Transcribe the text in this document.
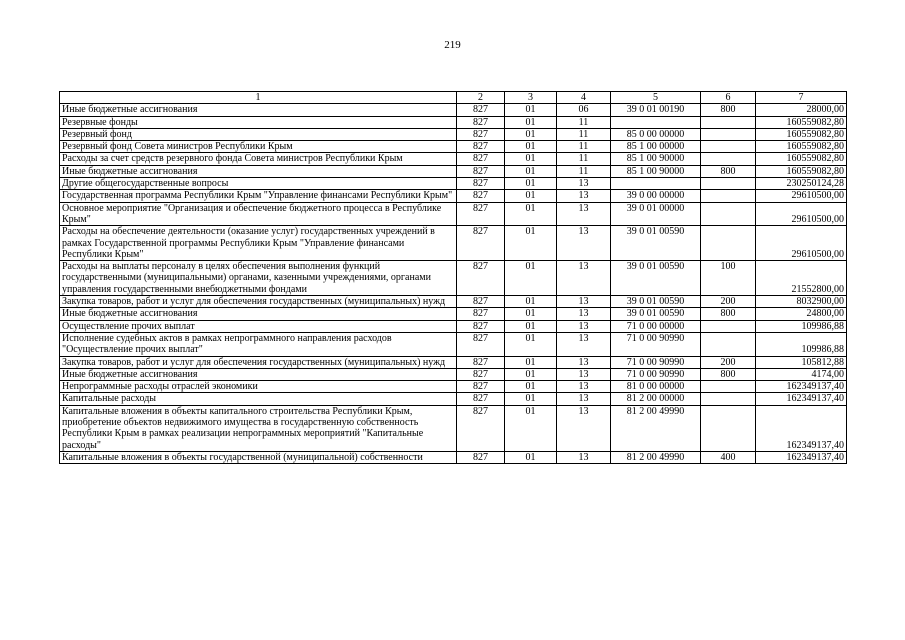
219
1	2	3	4	5	6	7
Иные бюджетные ассигнования	827	01	06	39 0 01 00190	800	28000,00
Резервные фонды	827	01	11			160559082,80
Резервный фонд	827	01	11	85 0 00 00000		160559082,80
Резервный фонд Совета министров Республики Крым	827	01	11	85 1 00 00000		160559082,80
Расходы за счет средств резервного фонда Совета министров Республики Крым	827	01	11	85 1 00 90000		160559082,80
Иные бюджетные ассигнования	827	01	11	85 1 00 90000	800	160559082,80
Другие общегосударственные вопросы	827	01	13			230250124,28
Государственная программа Республики Крым "Управление финансами Республики Крым"	827	01	13	39 0 00 00000		29610500,00
Основное мероприятие "Организация и обеспечение бюджетного процесса в Республике Крым"	827	01	13	39 0 01 00000		29610500,00
Расходы на обеспечение деятельности (оказание услуг) государственных учреждений в рамках Государственной программы Республики Крым "Управление финансами Республики Крым"	827	01	13	39 0 01 00590		29610500,00
Расходы на выплаты персоналу в целях обеспечения выполнения функций государственными (муниципальными) органами, казенными учреждениями, органами управления государственными внебюджетными фондами	827	01	13	39 0 01 00590	100	21552800,00
Закупка товаров, работ и услуг для обеспечения государственных (муниципальных) нужд	827	01	13	39 0 01 00590	200	8032900,00
Иные бюджетные ассигнования	827	01	13	39 0 01 00590	800	24800,00
Осуществление прочих выплат	827	01	13	71 0 00 00000		109986,88
Исполнение судебных актов в рамках непрограммного направления расходов "Осуществление прочих выплат"	827	01	13	71 0 00 90990		109986,88
Закупка товаров, работ и услуг для обеспечения государственных (муниципальных) нужд	827	01	13	71 0 00 90990	200	105812,88
Иные бюджетные ассигнования	827	01	13	71 0 00 90990	800	4174,00
Непрограммные расходы отраслей экономики	827	01	13	81 0 00 00000		162349137,40
Капитальные расходы	827	01	13	81 2 00 00000		162349137,40
Капитальные вложения в объекты капитального строительства Республики Крым, приобретение объектов недвижимого имущества в государственную собственность Республики Крым в рамках реализации непрограммных мероприятий "Капитальные расходы"	827	01	13	81 2 00 49990		162349137,40
Капитальные вложения в объекты государственной (муниципальной) собственности	827	01	13	81 2 00 49990	400	162349137,40
